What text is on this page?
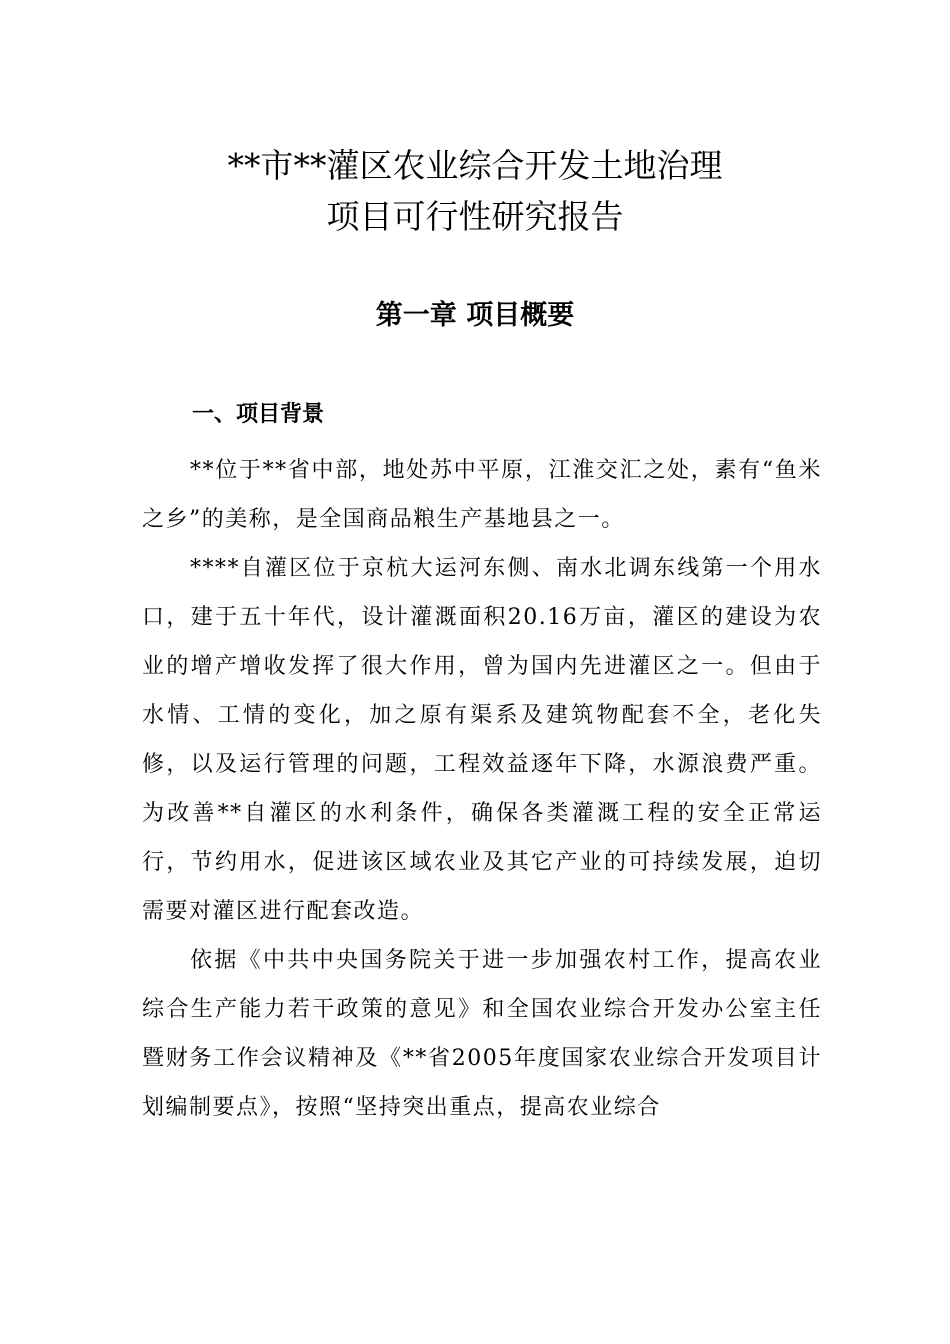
**市**灌区农业综合开发土地治理
项目可行性研究报告
第一章 项目概要
一、项目背景

**位于**省中部，地处苏中平原，江淮交汇之处，素有“鱼米之乡”的美称，是全国商品粮生产基地县之一。

****自灌区位于京杭大运河东侧、南水北调东线第一个用水口，建于五十年代，设计灌溉面积20.16万亩，灌区的建设为农业的增产增收发挥了很大作用，曾为国内先进灌区之一。但由于水情、工情的变化，加之原有渠系及建筑物配套不全，老化失修，以及运行管理的问题，工程效益逐年下降，水源浪费严重。为改善**自灌区的水利条件，确保各类灌溉工程的安全正常运行，节约用水，促进该区域农业及其它产业的可持续发展，迫切需要对灌区进行配套改造。

依据《中共中央国务院关于进一步加强农村工作，提高农业综合生产能力若干政策的意见》和全国农业综合开发办公室主任暨财务工作会议精神及《**省2005年度国家农业综合开发项目计划编制要点》，按照“坚持突出重点，提高农业综合
